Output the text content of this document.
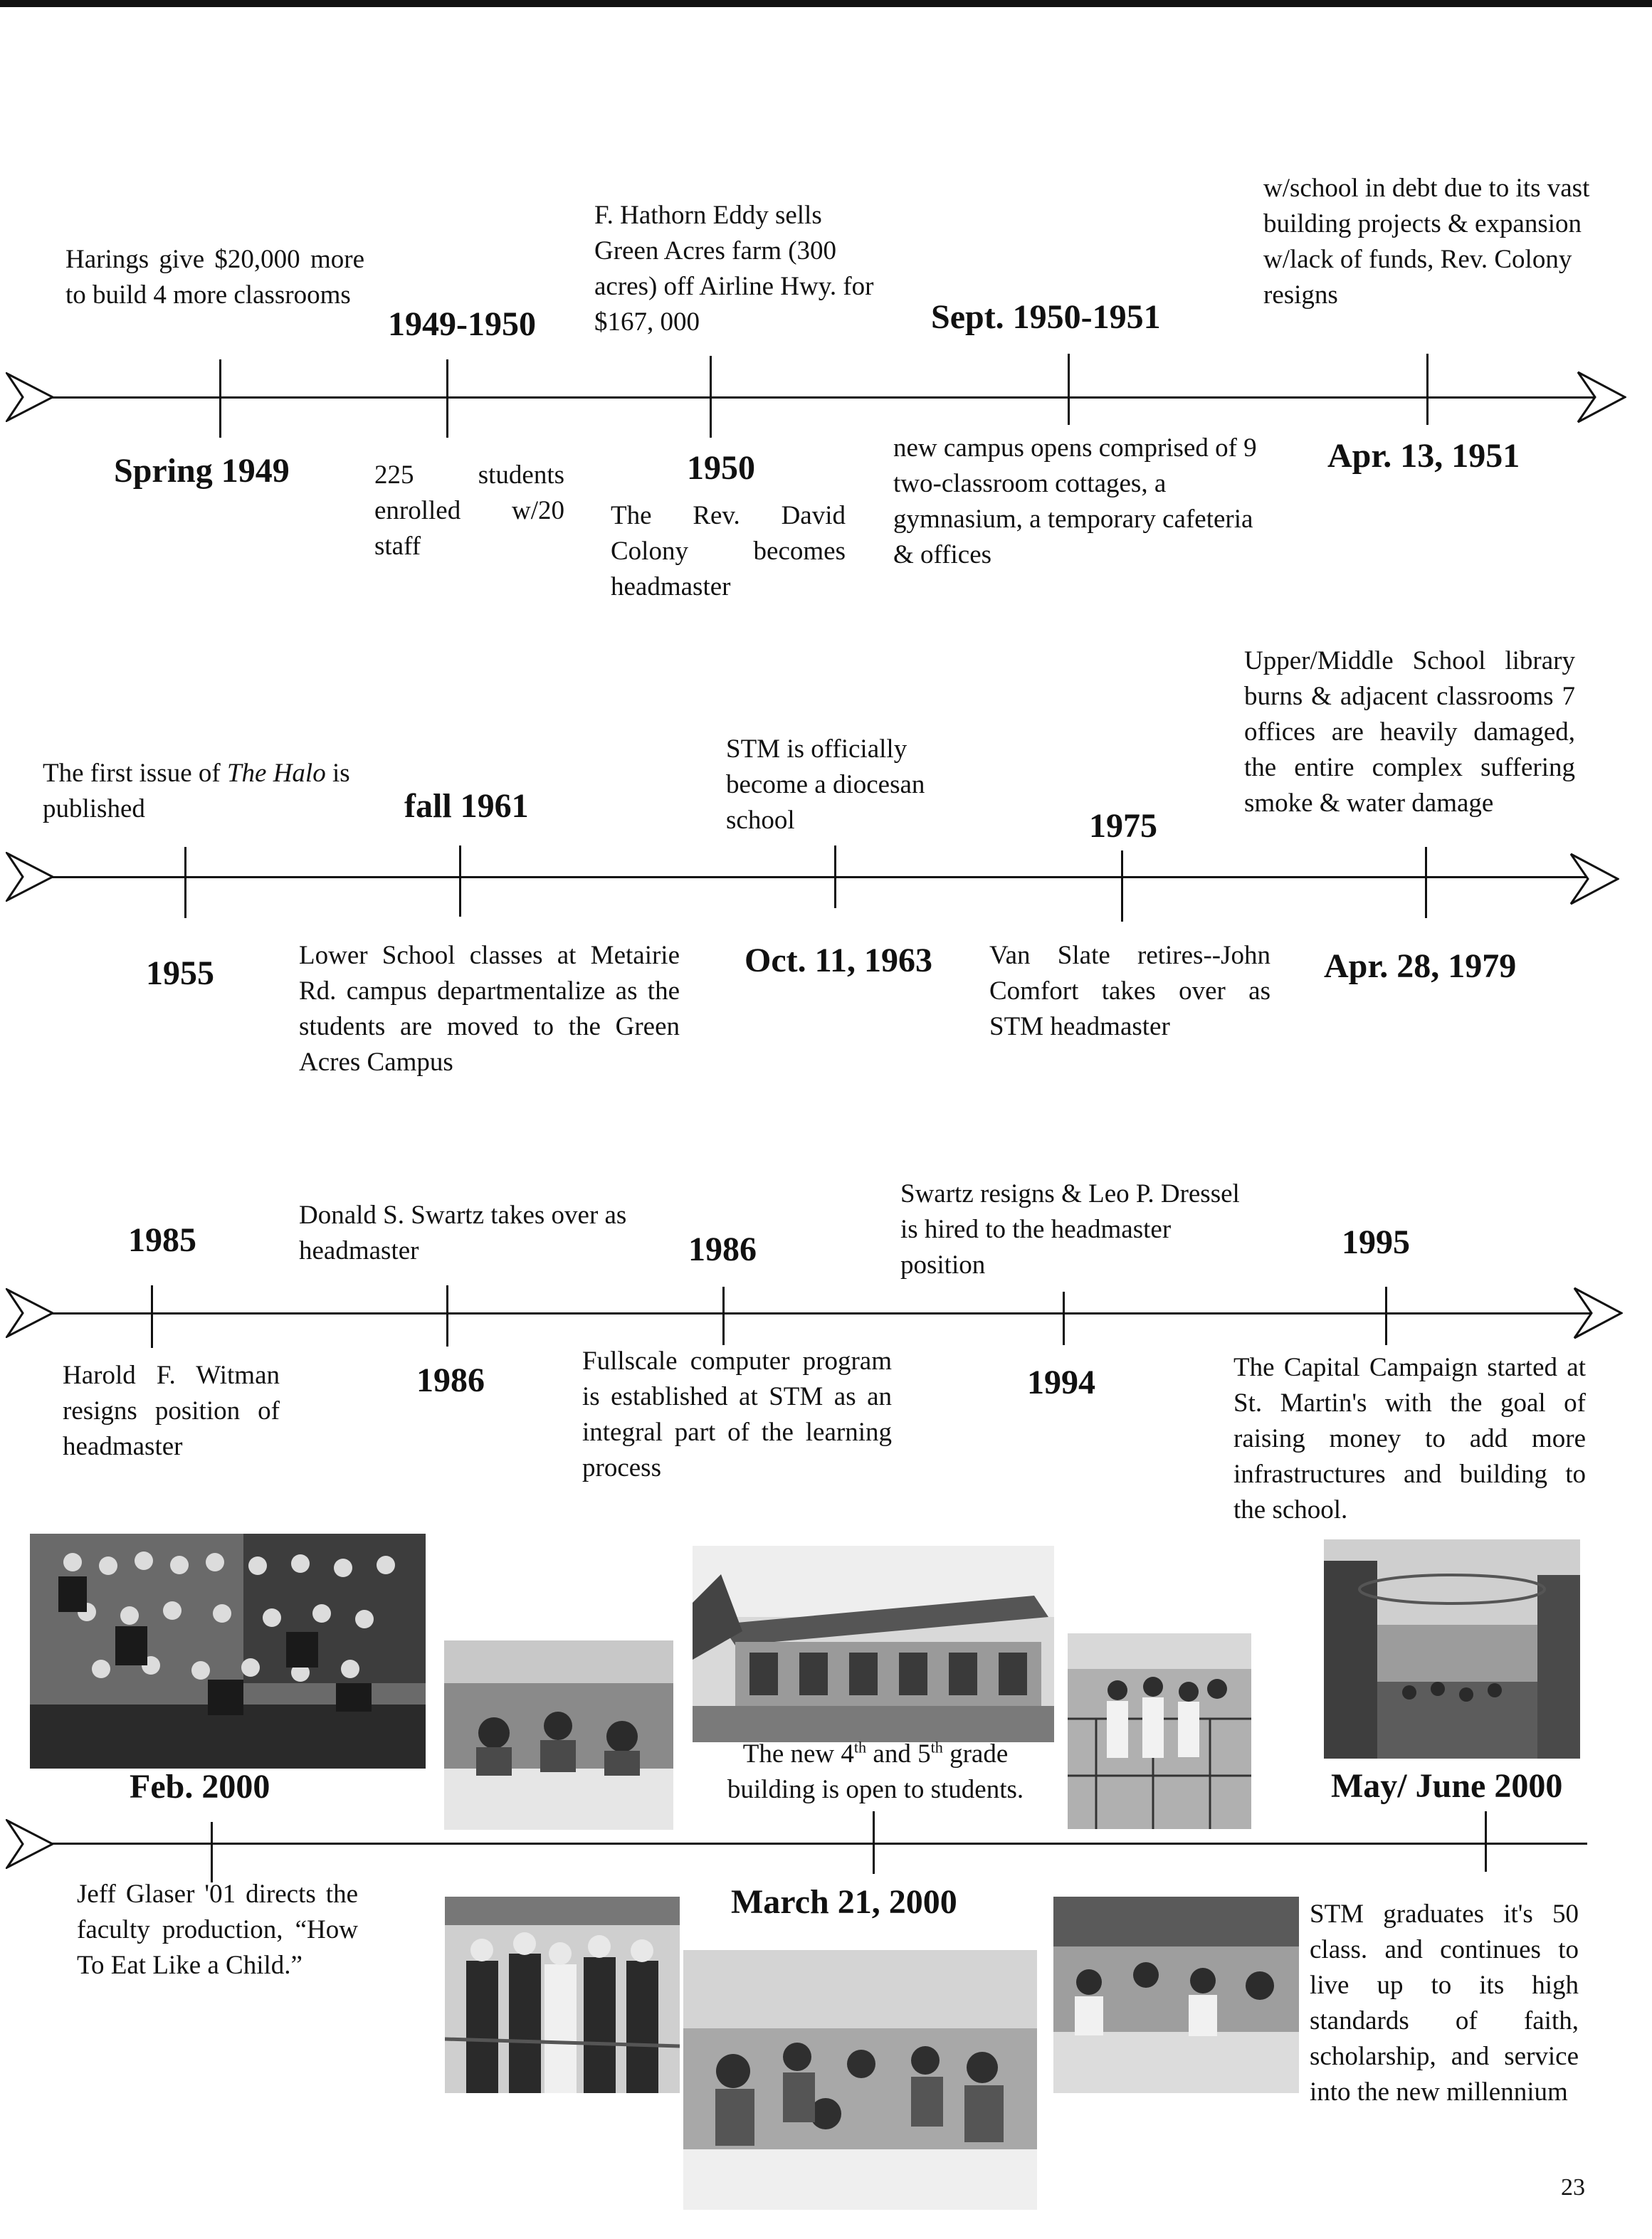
Harings give $20,000 more to build 4 more classrooms
Spring 1949
1949-1950
225 students enrolled w/20 staff
F. Hathorn Eddy sells Green Acres farm (300 acres) off Airline Hwy. for $167, 000
1950
The Rev. David Colony becomes headmaster
Sept. 1950-1951
new campus opens comprised of 9 two-classroom cottages, a gymnasium, a temporary cafeteria & offices
w/school in debt due to its vast building projects & expansion w/lack of funds, Rev. Colony resigns
Apr. 13, 1951
The first issue of The Halo is published
1955
fall 1961
Lower School classes at Metairie Rd. campus departmentalize as the students are moved to the Green Acres Campus
STM is officially become a diocesan school
Oct. 11, 1963
1975
Van Slate retires--John Comfort takes over as STM headmaster
Upper/Middle School library burns & adjacent classrooms 7 offices are heavily damaged, the entire complex suffering smoke & water damage
Apr. 28, 1979
1985
Harold F. Witman resigns position of headmaster
Donald S. Swartz takes over as headmaster
1986
1986
Fullscale computer program is established at STM as an integral part of the learning process
Swartz resigns & Leo P. Dressel is hired to the headmaster position
1994
1995
The Capital Campaign started at St. Martin's with the goal of raising money to add more infrastructures and building to the school.
Feb. 2000
Jeff Glaser '01 directs the faculty production, “How To Eat Like a Child.”
The new 4th and 5th grade building is open to students.
March 21, 2000
May/ June 2000
STM graduates it's 50 class. and continues to live up to its high standards of faith, scholarship, and service into the new millennium
23
